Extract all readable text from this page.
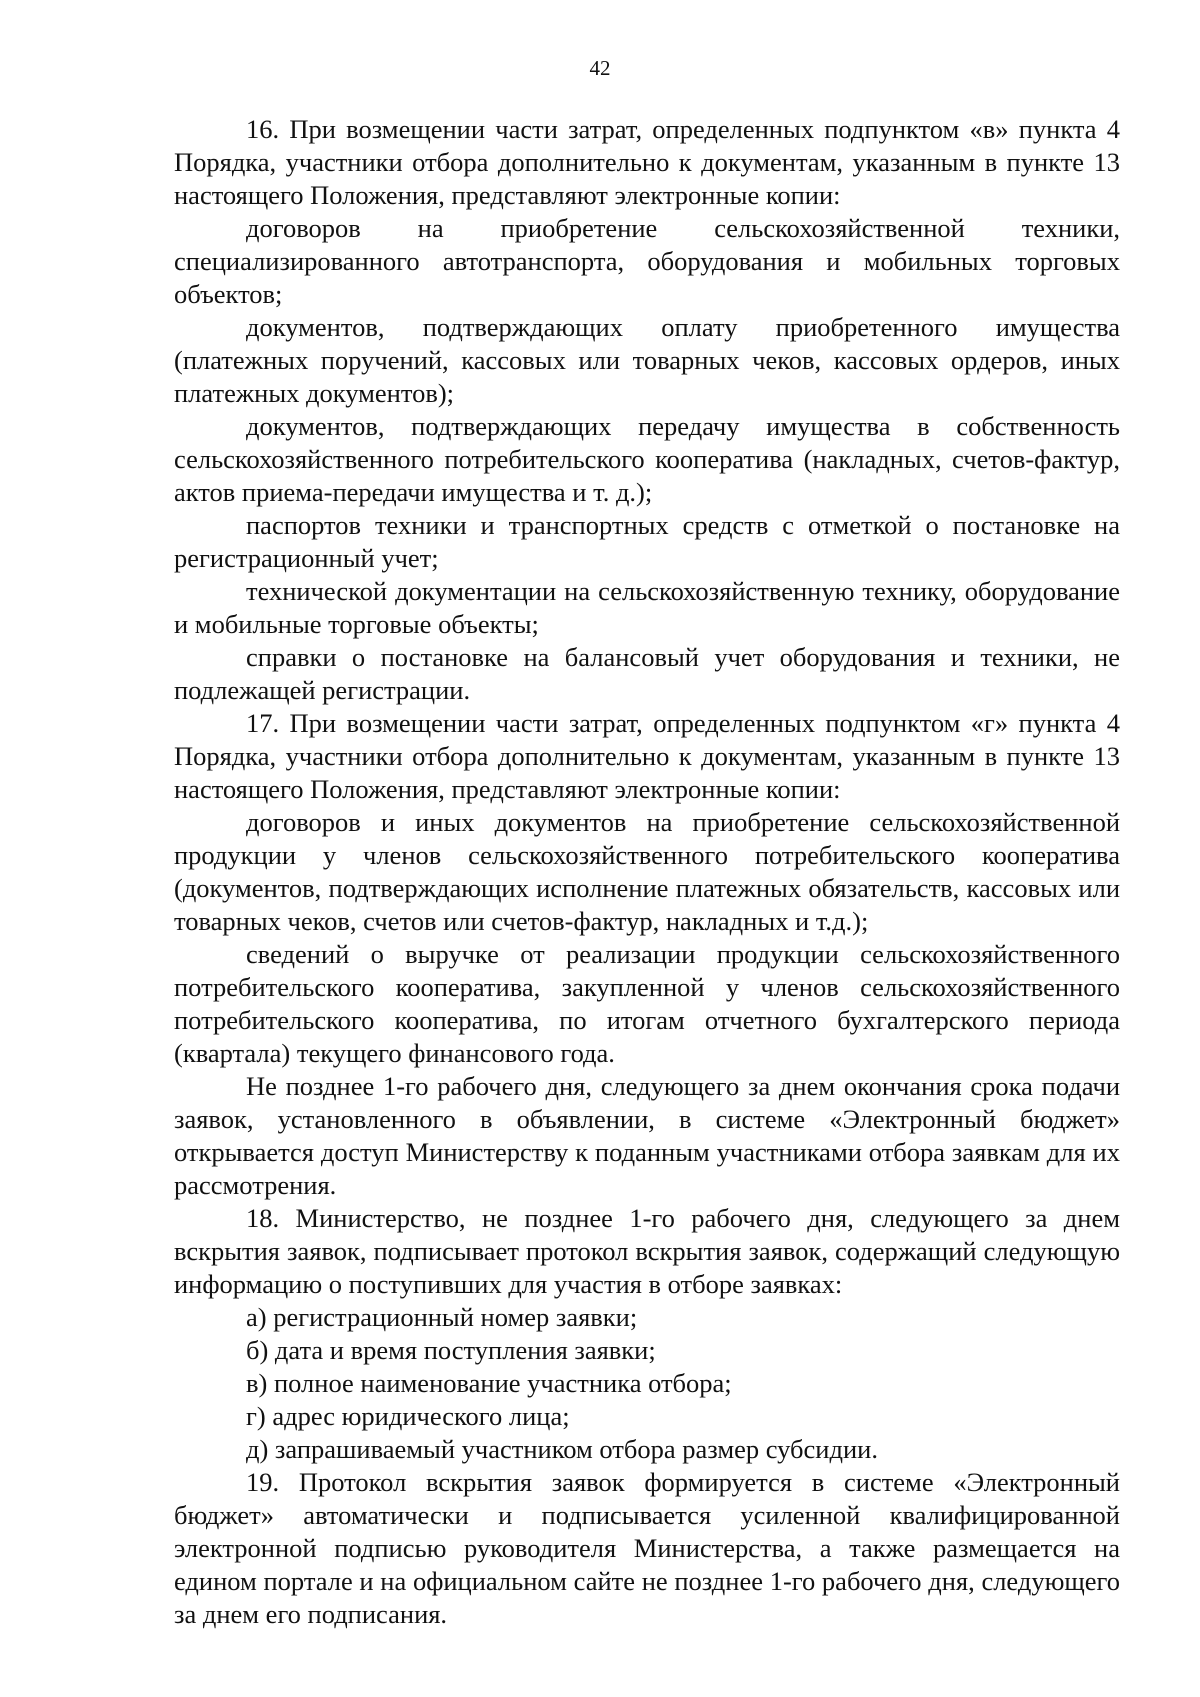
42

16. При возмещении части затрат, определенных подпунктом «в» пункта 4 Порядка, участники отбора дополнительно к документам, указанным в пункте 13 настоящего Положения, представляют электронные копии:

договоров на приобретение сельскохозяйственной техники, специализированного автотранспорта, оборудования и мобильных торговых объектов;

документов, подтверждающих оплату приобретенного имущества (платежных поручений, кассовых или товарных чеков, кассовых ордеров, иных платежных документов);

документов, подтверждающих передачу имущества в собственность сельскохозяйственного потребительского кооператива (накладных, счетов-фактур, актов приема-передачи имущества и т. д.);

паспортов техники и транспортных средств с отметкой о постановке на регистрационный учет;

технической документации на сельскохозяйственную технику, оборудование и мобильные торговые объекты;

справки о постановке на балансовый учет оборудования и техники, не подлежащей регистрации.

17. При возмещении части затрат, определенных подпунктом «г» пункта 4 Порядка, участники отбора дополнительно к документам, указанным в пункте 13 настоящего Положения, представляют электронные копии:

договоров и иных документов на приобретение сельскохозяйственной продукции у членов сельскохозяйственного потребительского кооператива (документов, подтверждающих исполнение платежных обязательств, кассовых или товарных чеков, счетов или счетов-фактур, накладных и т.д.);

сведений о выручке от реализации продукции сельскохозяйственного потребительского кооператива, закупленной у членов сельскохозяйственного потребительского кооператива, по итогам отчетного бухгалтерского периода (квартала) текущего финансового года.

Не позднее 1-го рабочего дня, следующего за днем окончания срока подачи заявок, установленного в объявлении, в системе «Электронный бюджет» открывается доступ Министерству к поданным участниками отбора заявкам для их рассмотрения.

18. Министерство, не позднее 1-го рабочего дня, следующего за днем вскрытия заявок, подписывает протокол вскрытия заявок, содержащий следующую информацию о поступивших для участия в отборе заявках:

а) регистрационный номер заявки;

б) дата и время поступления заявки;

в) полное наименование участника отбора;

г) адрес юридического лица;

д) запрашиваемый участником отбора размер субсидии.

19. Протокол вскрытия заявок формируется в системе «Электронный бюджет» автоматически и подписывается усиленной квалифицированной электронной подписью руководителя Министерства, а также размещается на едином портале и на официальном сайте не позднее 1-го рабочего дня, следующего за днем его подписания.
